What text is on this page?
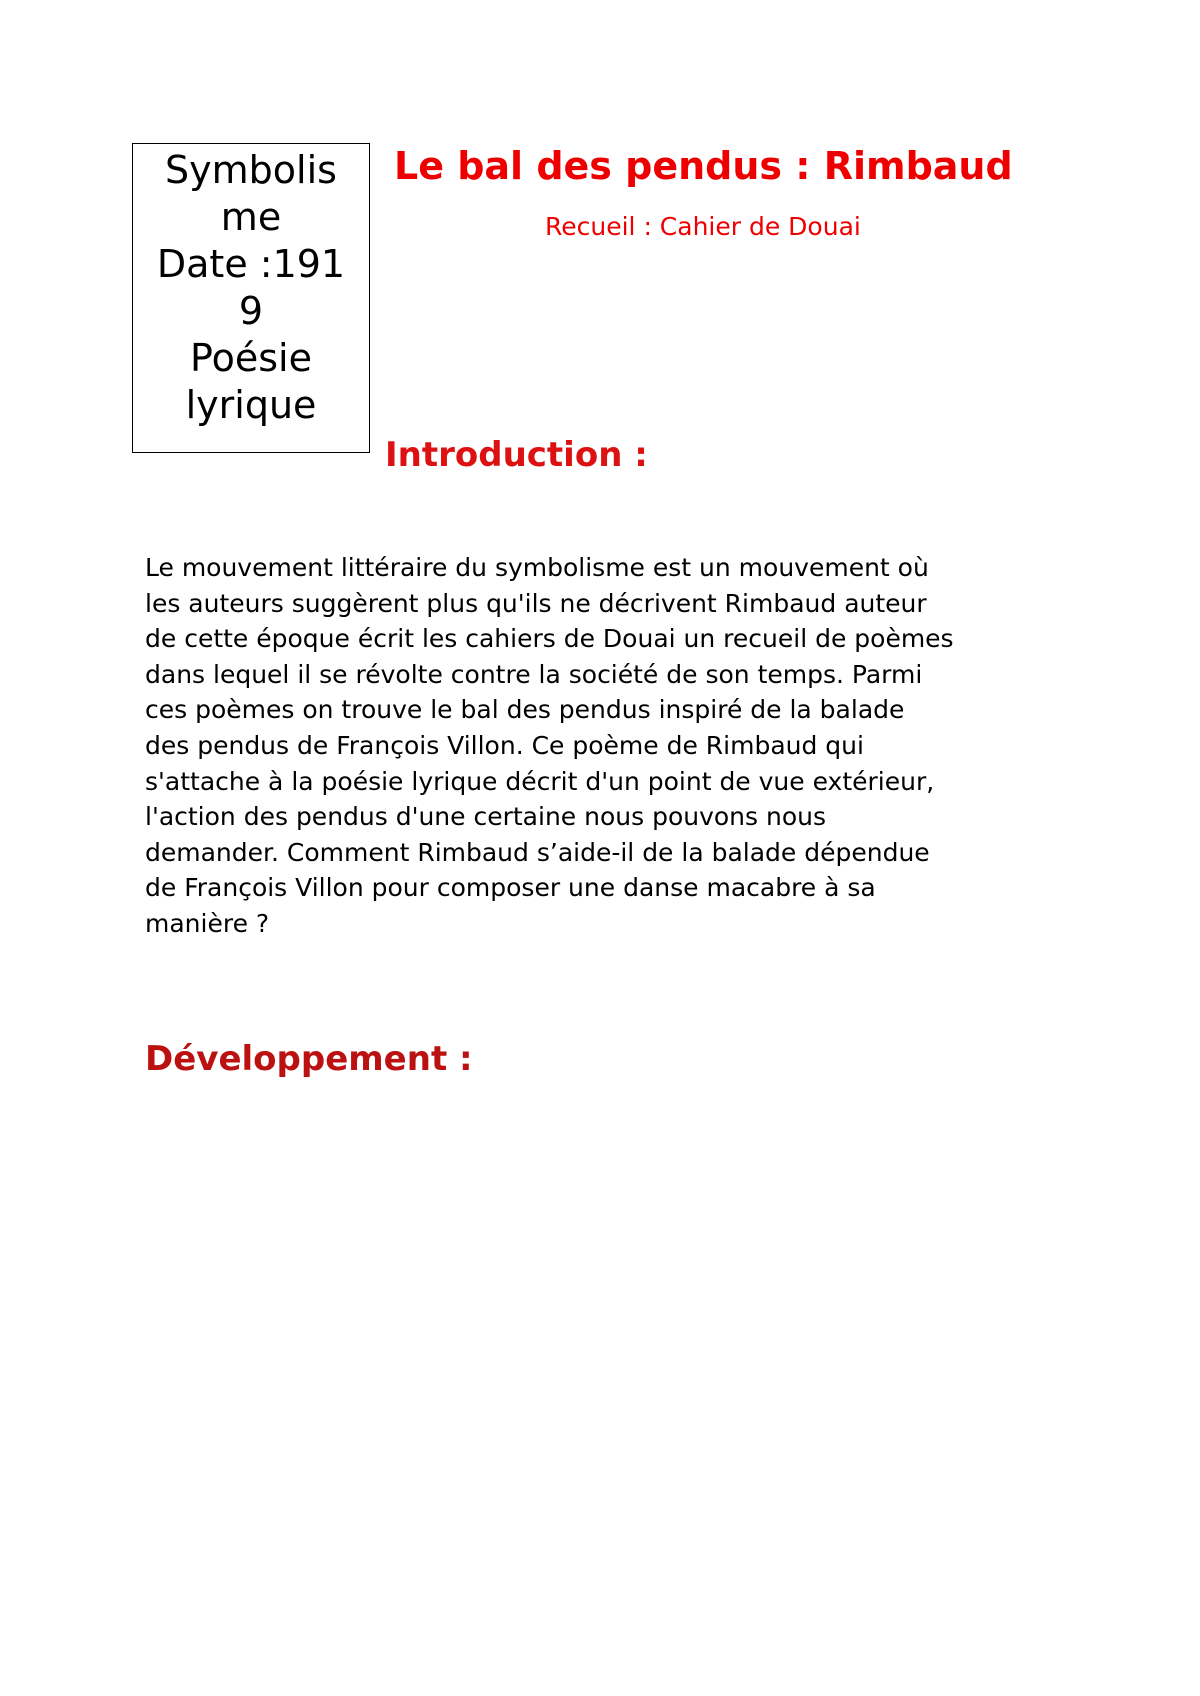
Symbolis
me
Date :191
9
Poésie
lyrique
Le bal des pendus : Rimbaud

Recueil : Cahier de Douai

Introduction :

Le mouvement littéraire du symbolisme est un mouvement où
les auteurs suggèrent plus qu'ils ne décrivent Rimbaud auteur
de cette époque écrit les cahiers de Douai un recueil de poèmes
dans lequel il se révolte contre la société de son temps. Parmi
ces poèmes on trouve le bal des pendus inspiré de la balade
des pendus de François Villon. Ce poème de Rimbaud qui
s'attache à la poésie lyrique décrit d'un point de vue extérieur,
l'action des pendus d'une certaine nous pouvons nous
demander. Comment Rimbaud s’aide-il de la balade dépendue
de François Villon pour composer une danse macabre à sa
manière ?

Développement :
